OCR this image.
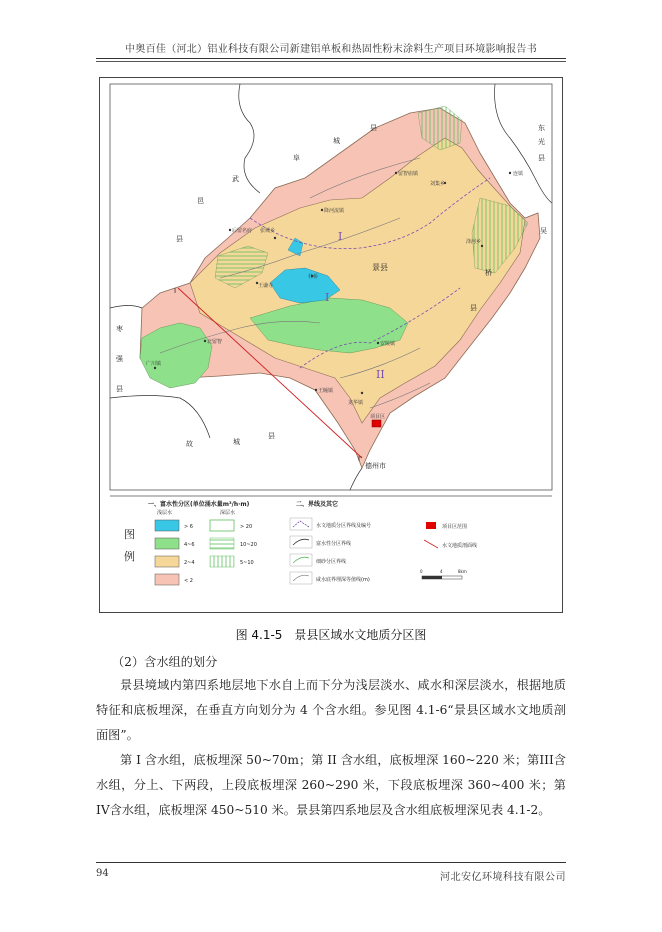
中奥百佳（河北）铝业科技有限公司新建铝单板和热固性粉末涂料生产项目环境影响报告书
县
城
阜
武
邑
县
东
光
县
吴
桥
县
枣
强
县
故	城
县
留智庙镇
刘集乡
连镇
降河流镇
后留名府 张城乡
杜桥
景县
王谦寺
北留智
广川镇
王瞳镇
龙华镇
项目区
德州市
安陵镇
洚河乡
I
I
II
I
I'
图
例
一、富水性分区(单位涌水量m³/h·m)
浅层水	深层水
二、界线及其它
> 6
4~6
2~4
< 2
> 20
10~20
5~10
水文地质分区界线及编号
富水性分区界线
细砂分区界线
咸水底界埋深等值线(m)
项目区范围
水文地质剖面线
0	4	8km
图 4.1-5　景县区域水文地质分区图
（2）含水组的划分
景县境域内第四系地层地下水自上而下分为浅层淡水、咸水和深层淡水，根据地质特征和底板埋深，在垂直方向划分为 4 个含水组。参见图 4.1-6“景县区域水文地质剖面图”。
第 I 含水组，底板埋深 50~70m；第 II 含水组，底板埋深 160~220 米；第III含水组，分上、下两段，上段底板埋深 260~290 米，下段底板埋深 360~400 米；第IV含水组，底板埋深 450~510 米。景县第四系地层及含水组底板埋深见表 4.1-2。
94	河北安亿环境科技有限公司
